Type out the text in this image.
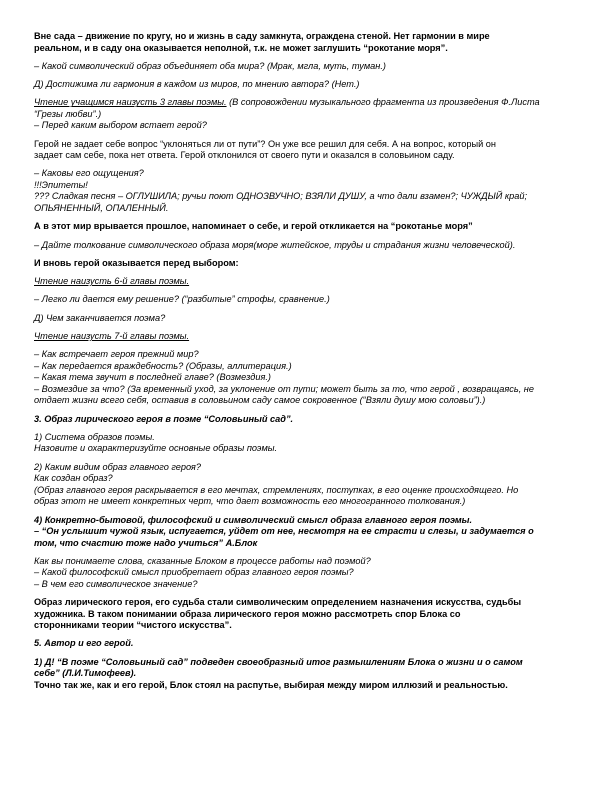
Вне сада – движение по кругу, но и жизнь в саду замкнута, ограждена стеной. Нет гармонии в мире
реальном, и в саду она оказывается неполной, т.к. не может заглушить “рокотание моря”.
– Какой символический образ объединяет оба мира? (Мрак, мгла, муть, туман.)
Д) Достижима ли гармония в каждом из миров, по мнению автора? (Нет.)
Чтение учащимся наизусть 3 главы поэмы. (В сопровождении музыкального фрагмента из произведения Ф.Листа
“Грезы любви”.)
– Перед каким выбором встает герой?
Герой не задает себе вопрос “уклоняться ли от пути”? Он уже все решил для себя. А на вопрос, который он
задает сам себе, пока нет ответа. Герой отклонился от своего пути и оказался в соловьином саду.
– Каковы его ощущения?
!!!Эпитеты!
??? Сладкая песня – ОГЛУШИЛА; ручьи поют ОДНОЗВУЧНО; ВЗЯЛИ ДУШУ, а что дали взамен?; ЧУЖДЫЙ край;
ОПЬЯНЕННЫЙ, ОПАЛЕННЫЙ.
А в этот мир врывается прошлое, напоминает о себе, и герой откликается на “рокотанье моря”
– Дайте толкование символического образа моря(море житейское, труды и страдания жизни человеческой).
И вновь герой оказывается перед выбором:
Чтение наизусть 6-й главы поэмы.
– Легко ли дается ему решение? (“разбитые” строфы, сравнение.)
Д) Чем заканчивается поэма?
Чтение наизусть 7-й главы поэмы.
– Как встречает героя прежний мир?
– Как передается враждебность? (Образы, аллитерация.)
– Какая тема звучит в последней главе? (Возмездия.)
– Возмездие за что? (За временный уход, за уклонение от пути; может быть за то, что герой , возвращаясь, не
отдает жизни всего себя, оставив в соловьином саду самое сокровенное (“Взяли душу мою соловьи”).)
3. Образ лирического героя в поэме “Соловьиный сад”.
1) Система образов поэмы.
Назовите и охарактеризуйте основные образы поэмы.
2) Каким видим образ главного героя?
Как создан образ?
(Образ главного героя раскрывается в его мечтах, стремлениях, поступках, в его оценке происходящего. Но
образ этот не имеет конкретных черт, что дает возможность его многогранного толкования.)
4) Конкретно-бытовой, философский и символический смысл образа главного героя поэмы.
– “Он услышит чужой язык, испугается, уйдет от нее, несмотря на ее страсти и слезы, и задумается о
том, что счастию тоже надо учиться” А.Блок
Как вы понимаете слова, сказанные Блоком в процессе работы над поэмой?
– Какой философский смысл приобретает образ главного героя поэмы?
– В чем его символическое значение?
Образ лирического героя, его судьба стали символическим определением назначения искусства, судьбы
художника. В таком понимании образа лирического героя можно рассмотреть спор Блока со
сторонниками теории “чистого искусства”.
5. Автор и его герой.
1) Д! “В поэме “Соловьиный сад” подведен своеобразный итог размышлениям Блока о жизни и о самом
себе” (Л.И.Тимофеев).
Точно так же, как и его герой, Блок стоял на распутье, выбирая между миром иллюзий и реальностью.
